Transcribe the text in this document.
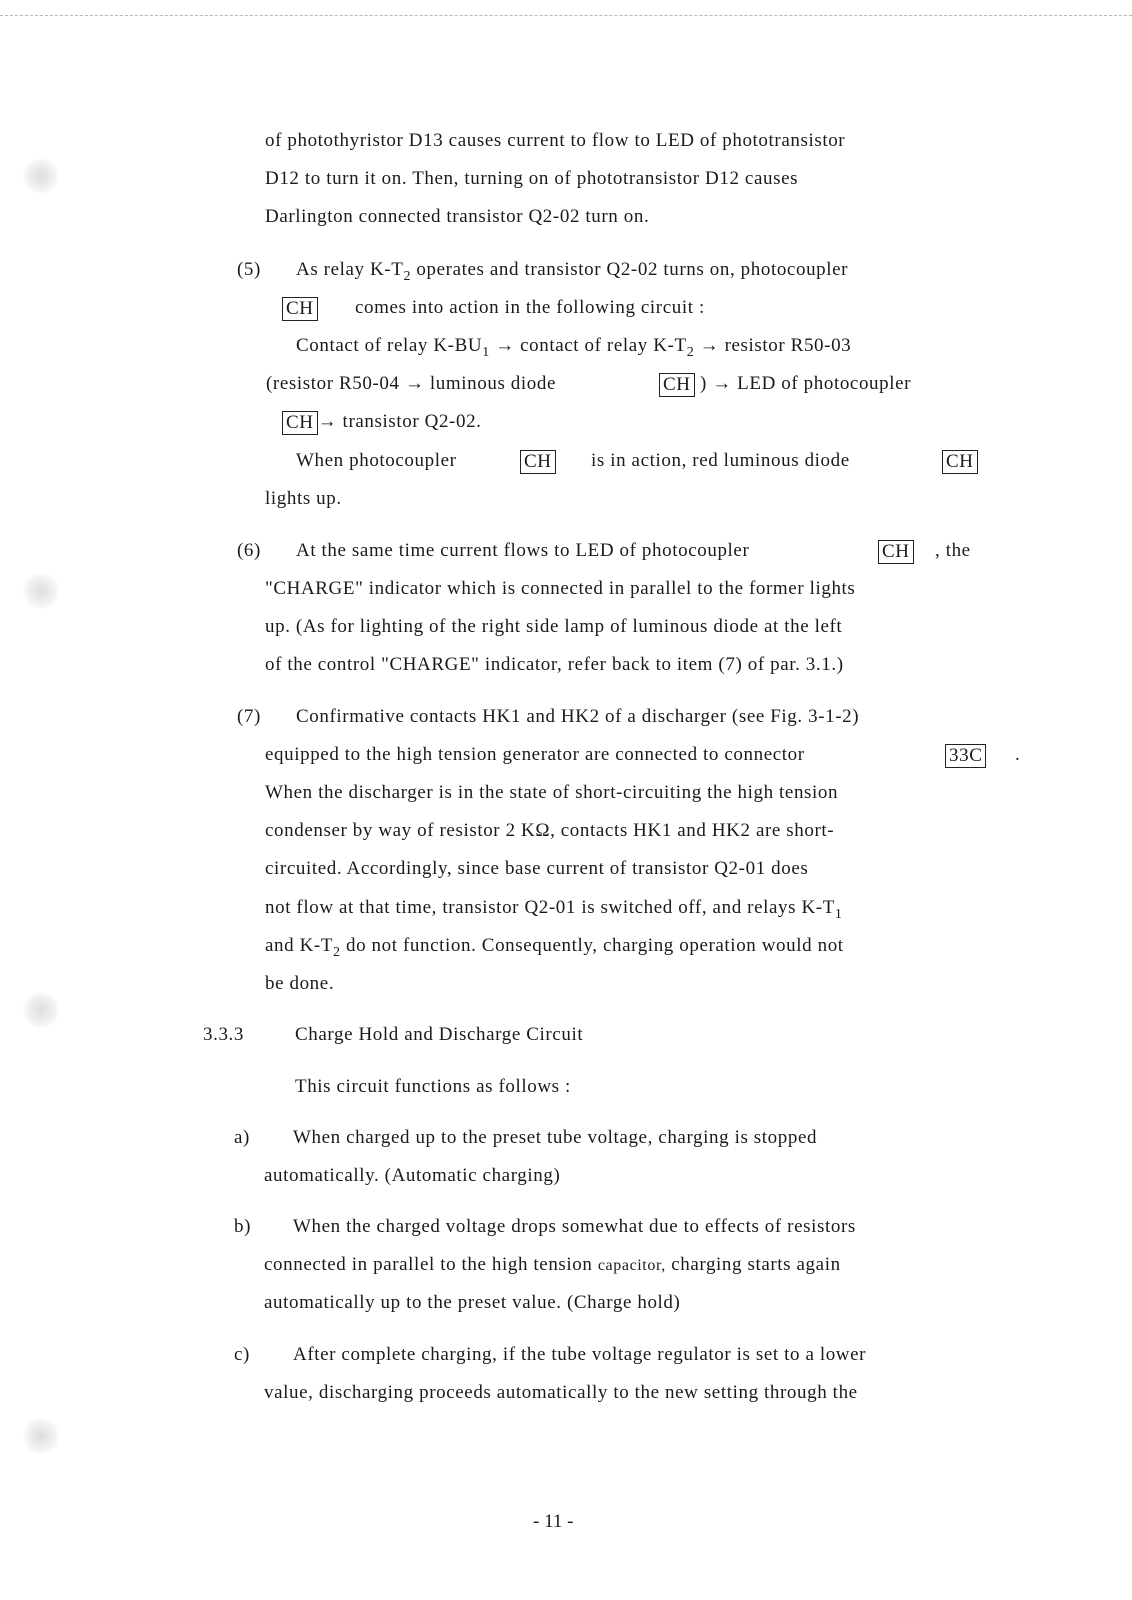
of photothyristor D13 causes current to flow to LED of phototransistor
D12 to turn it on. Then, turning on of phototransistor D12 causes
Darlington connected transistor Q2-02 turn on.
(5) As relay $K-T_2$ operates and transistor Q2-02 turns on, photocoupler
CH comes into action in the following circuit :
Contact of relay $K-BU_1$ → contact of relay $K-T_2$ → resistor R50-03
(resistor R50-04 → luminous diode	CH ) → LED of photocoupler
CH → transistor Q2-02.
When photocoupler	CH is in action, red luminous diode	CH
lights up.
(6) At the same time current flows to LED of photocoupler	CH , the
"CHARGE" indicator which is connected in parallel to the former lights
up. (As for lighting of the right side lamp of luminous diode at the left
of the control "CHARGE" indicator, refer back to item (7) of par. 3.1.)
(7) Confirmative contacts HK1 and HK2 of a discharger (see Fig. 3-1-2)
equipped to the high tension generator are connected to connector	33C .
When the discharger is in the state of short-circuiting the high tension
condenser by way of resistor 2 KΩ, contacts HK1 and HK2 are short-
circuited. Accordingly, since base current of transistor Q2-01 does
not flow at that time, transistor Q2-01 is switched off, and relays $K-T_1$
and $K-T_2$ do not function. Consequently, charging operation would not
be done.
3.3.3	Charge Hold and Discharge Circuit
This circuit functions as follows :
a) When charged up to the preset tube voltage, charging is stopped
automatically. (Automatic charging)
b) When the charged voltage drops somewhat due to effects of resistors
connected in parallel to the high tension capacitor, charging starts again
automatically up to the preset value. (Charge hold)
c) After complete charging, if the tube voltage regulator is set to a lower
value, discharging proceeds automatically to the new setting through the
- 11 -
